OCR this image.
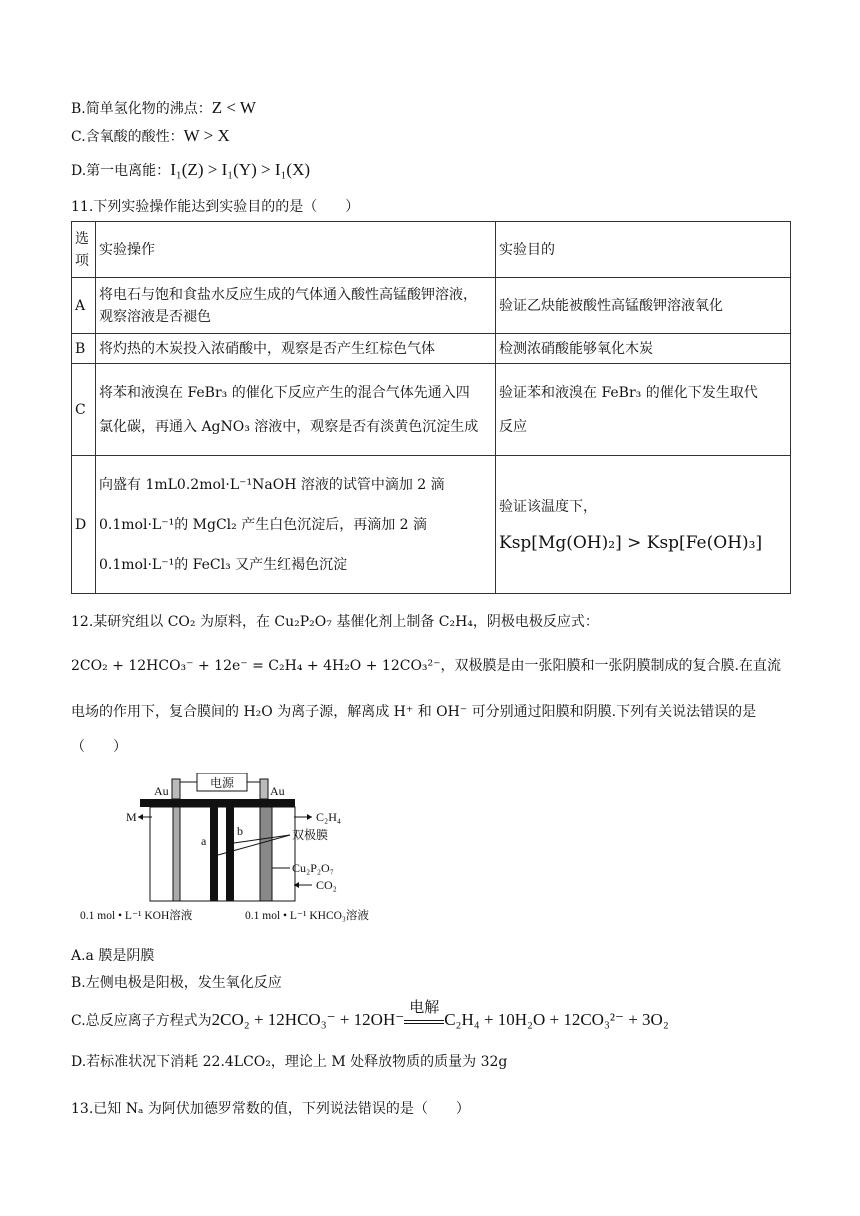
B.简单氢化物的沸点：Z < W
C.含氧酸的酸性：W > X
D.第一电离能：I₁(Z) > I₁(Y) > I₁(X)
11.下列实验操作能达到实验目的的是（　　）
选项	实验操作	实验目的
A	将电石与饱和食盐水反应生成的气体通入酸性高锰酸钾溶液，
观察溶液是否褪色	验证乙炔能被酸性高锰酸钾溶液氧化

B	将灼热的木炭投入浓硝酸中，观察是否产生红棕色气体	检测浓硝酸能够氧化木炭
C	将苯和液溴在 FeBr₃ 的催化下反应产生的混合气体先通入四
氯化碳，再通入 AgNO₃ 溶液中，观察是否有淡黄色沉淀生成	验证苯和液溴在 FeBr₃ 的催化下发生取代
反应

D	向盛有 1mL0.2mol·L⁻¹NaOH 溶液的试管中滴加 2 滴
0.1mol·L⁻¹的 MgCl₂ 产生白色沉淀后，再滴加 2 滴
0.1mol·L⁻¹的 FeCl₃ 又产生红褐色沉淀	验证该温度下，
Ksp[Mg(OH)₂] > Ksp[Fe(OH)₃]
12.某研究组以 CO₂ 为原料，在 Cu₂P₂O₇ 基催化剂上制备 C₂H₄，阴极电极反应式：
2CO₂ + 12HCO₃⁻ + 12e⁻ = C₂H₄ + 4H₂O + 12CO₃²⁻，双极膜是由一张阳膜和一张阴膜制成的复合膜.在直流
电场的作用下，复合膜间的 H₂O 为离子源，解离成 H⁺ 和 OH⁻ 可分别通过阳膜和阴膜.下列有关说法错误的是
（　　）
电源
Au	Au
a
b
M	C₂H₄
双极膜
Cu₂P₂O₇
CO₂
0.1 mol • L⁻¹ KOH溶液	0.1 mol • L⁻¹ KHCO₃溶液
A.a 膜是阴膜
B.左侧电极是阳极，发生氧化反应
C.总反应离子方程式为2CO₂ + 12HCO₃⁻ + 12OH⁻
电解
C₂H₄ + 10H₂O + 12CO₃²⁻ + 3O₂
D.若标准状况下消耗 22.4LCO₂，理论上 M 处释放物质的质量为 32g
13.已知 Nₐ 为阿伏加德罗常数的值，下列说法错误的是（　　）
